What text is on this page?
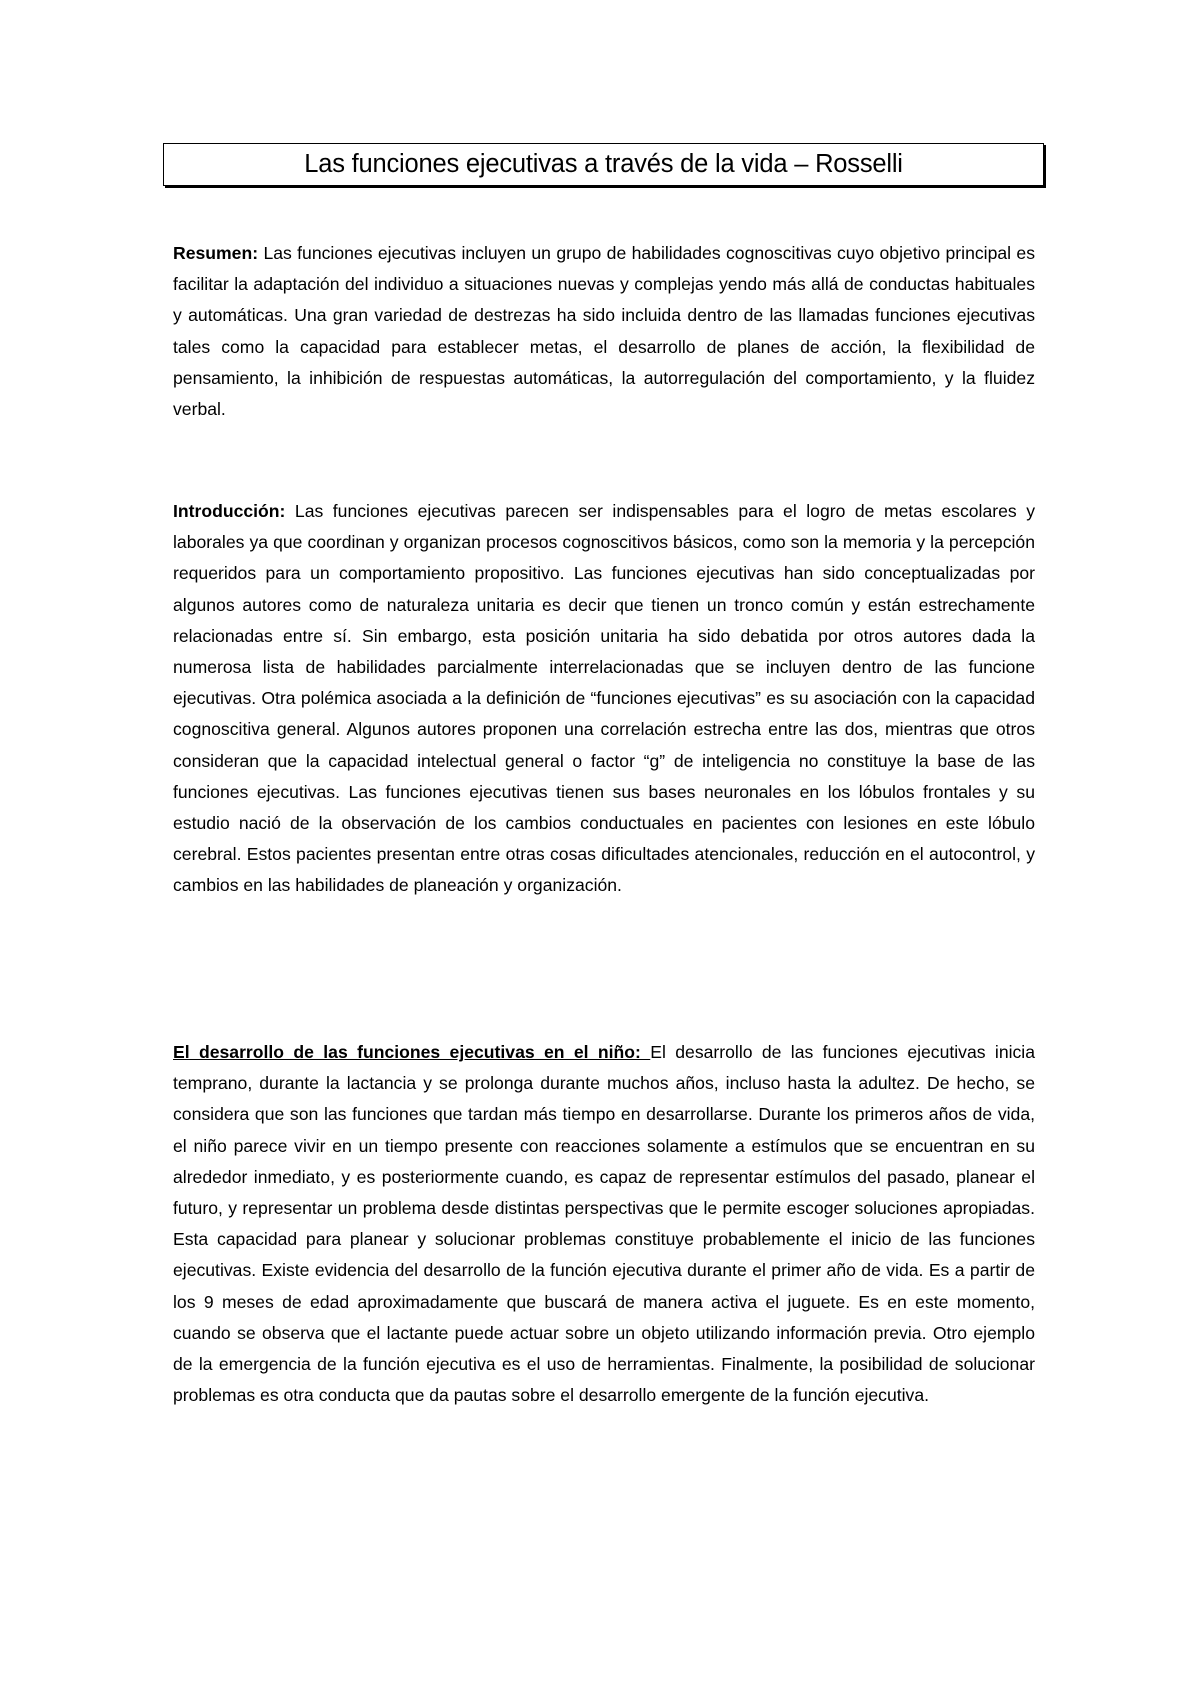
Las funciones ejecutivas a través de la vida – Rosselli
Resumen: Las funciones ejecutivas incluyen un grupo de habilidades cognoscitivas cuyo objetivo principal es facilitar la adaptación del individuo a situaciones nuevas y complejas yendo más allá de conductas habituales y automáticas. Una gran variedad de destrezas ha sido incluida dentro de las llamadas funciones ejecutivas tales como la capacidad para establecer metas, el desarrollo de planes de acción, la flexibilidad de pensamiento, la inhibición de respuestas automáticas, la autorregulación del comportamiento, y la fluidez verbal.
Introducción: Las funciones ejecutivas parecen ser indispensables para el logro de metas escolares y laborales ya que coordinan y organizan procesos cognoscitivos básicos, como son la memoria y la percepción requeridos para un comportamiento propositivo. Las funciones ejecutivas han sido conceptualizadas por algunos autores como de naturaleza unitaria es decir que tienen un tronco común y están estrechamente relacionadas entre sí. Sin embargo, esta posición unitaria ha sido debatida por otros autores dada la numerosa lista de habilidades parcialmente interrelacionadas que se incluyen dentro de las funcione ejecutivas. Otra polémica asociada a la definición de “funciones ejecutivas” es su asociación con la capacidad cognoscitiva general. Algunos autores proponen una correlación estrecha entre las dos, mientras que otros consideran que la capacidad intelectual general o factor “g” de inteligencia no constituye la base de las funciones ejecutivas. Las funciones ejecutivas tienen sus bases neuronales en los lóbulos frontales y su estudio nació de la observación de los cambios conductuales en pacientes con lesiones en este lóbulo cerebral. Estos pacientes presentan entre otras cosas dificultades atencionales, reducción en el autocontrol, y cambios en las habilidades de planeación y organización.
El desarrollo de las funciones ejecutivas en el niño: El desarrollo de las funciones ejecutivas inicia temprano, durante la lactancia y se prolonga durante muchos años, incluso hasta la adultez. De hecho, se considera que son las funciones que tardan más tiempo en desarrollarse. Durante los primeros años de vida, el niño parece vivir en un tiempo presente con reacciones solamente a estímulos que se encuentran en su alrededor inmediato, y es posteriormente cuando, es capaz de representar estímulos del pasado, planear el futuro, y representar un problema desde distintas perspectivas que le permite escoger soluciones apropiadas. Esta capacidad para planear y solucionar problemas constituye probablemente el inicio de las funciones ejecutivas. Existe evidencia del desarrollo de la función ejecutiva durante el primer año de vida. Es a partir de los 9 meses de edad aproximadamente que buscará de manera activa el juguete. Es en este momento, cuando se observa que el lactante puede actuar sobre un objeto utilizando información previa. Otro ejemplo de la emergencia de la función ejecutiva es el uso de herramientas. Finalmente, la posibilidad de solucionar problemas es otra conducta que da pautas sobre el desarrollo emergente de la función ejecutiva.
